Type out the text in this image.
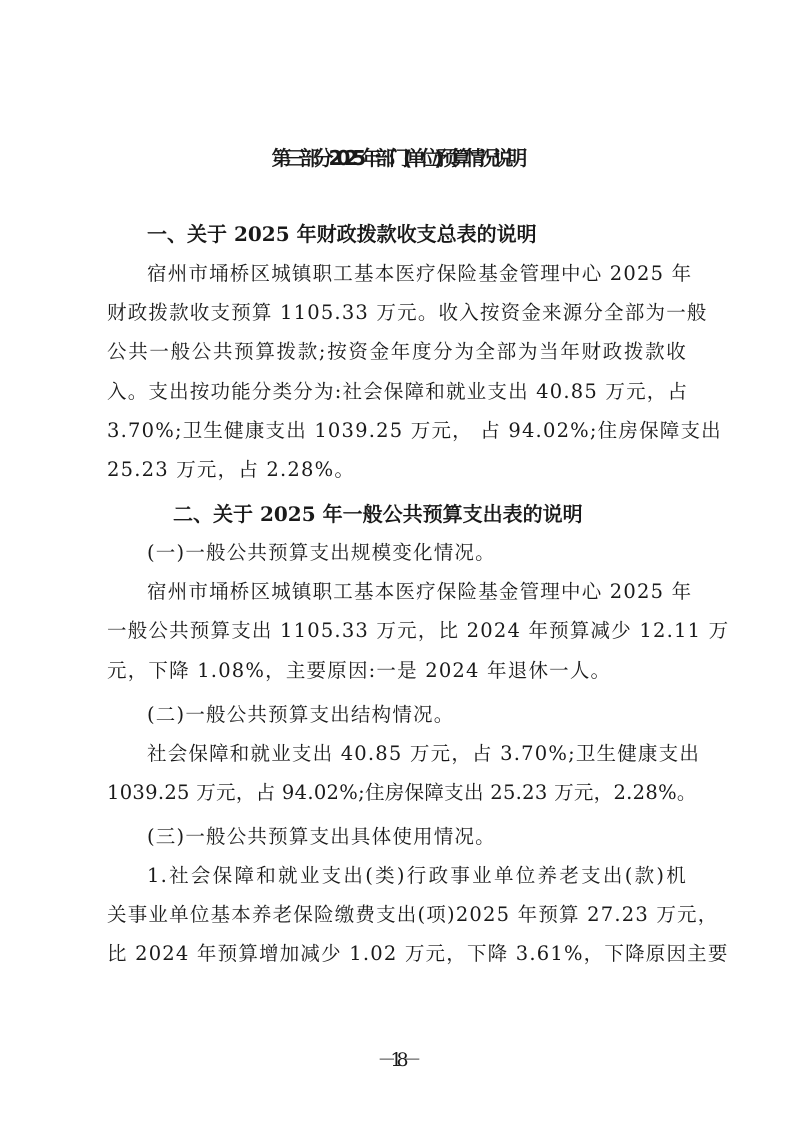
第三部分 2025 年部门(单位)预算情况说明
一、关于 2025 年财政拨款收支总表的说明
宿州市埇桥区城镇职工基本医疗保险基金管理中心 2025 年
财政拨款收支预算 1105.33 万元。收入按资金来源分全部为一般
公共一般公共预算拨款;按资金年度分为全部为当年财政拨款收
入。支出按功能分类分为:社会保障和就业支出 40.85 万元，占
3.70%;卫生健康支出 1039.25 万元， 占 94.02%;住房保障支出
25.23 万元，占 2.28%。
二、关于 2025 年一般公共预算支出表的说明
(一)一般公共预算支出规模变化情况。
宿州市埇桥区城镇职工基本医疗保险基金管理中心 2025 年
一般公共预算支出 1105.33 万元，比 2024 年预算减少 12.11 万
元，下降 1.08%，主要原因:一是 2024 年退休一人。
(二)一般公共预算支出结构情况。
社会保障和就业支出 40.85 万元，占 3.70%;卫生健康支出
1039.25 万元，占 94.02%;住房保障支出 25.23 万元，2.28%。
(三)一般公共预算支出具体使用情况。
1.社会保障和就业支出(类)行政事业单位养老支出(款)机
关事业单位基本养老保险缴费支出(项)2025 年预算 27.23 万元，
比 2024 年预算增加减少 1.02 万元，下降 3.61%，下降原因主要
－ 18 －
